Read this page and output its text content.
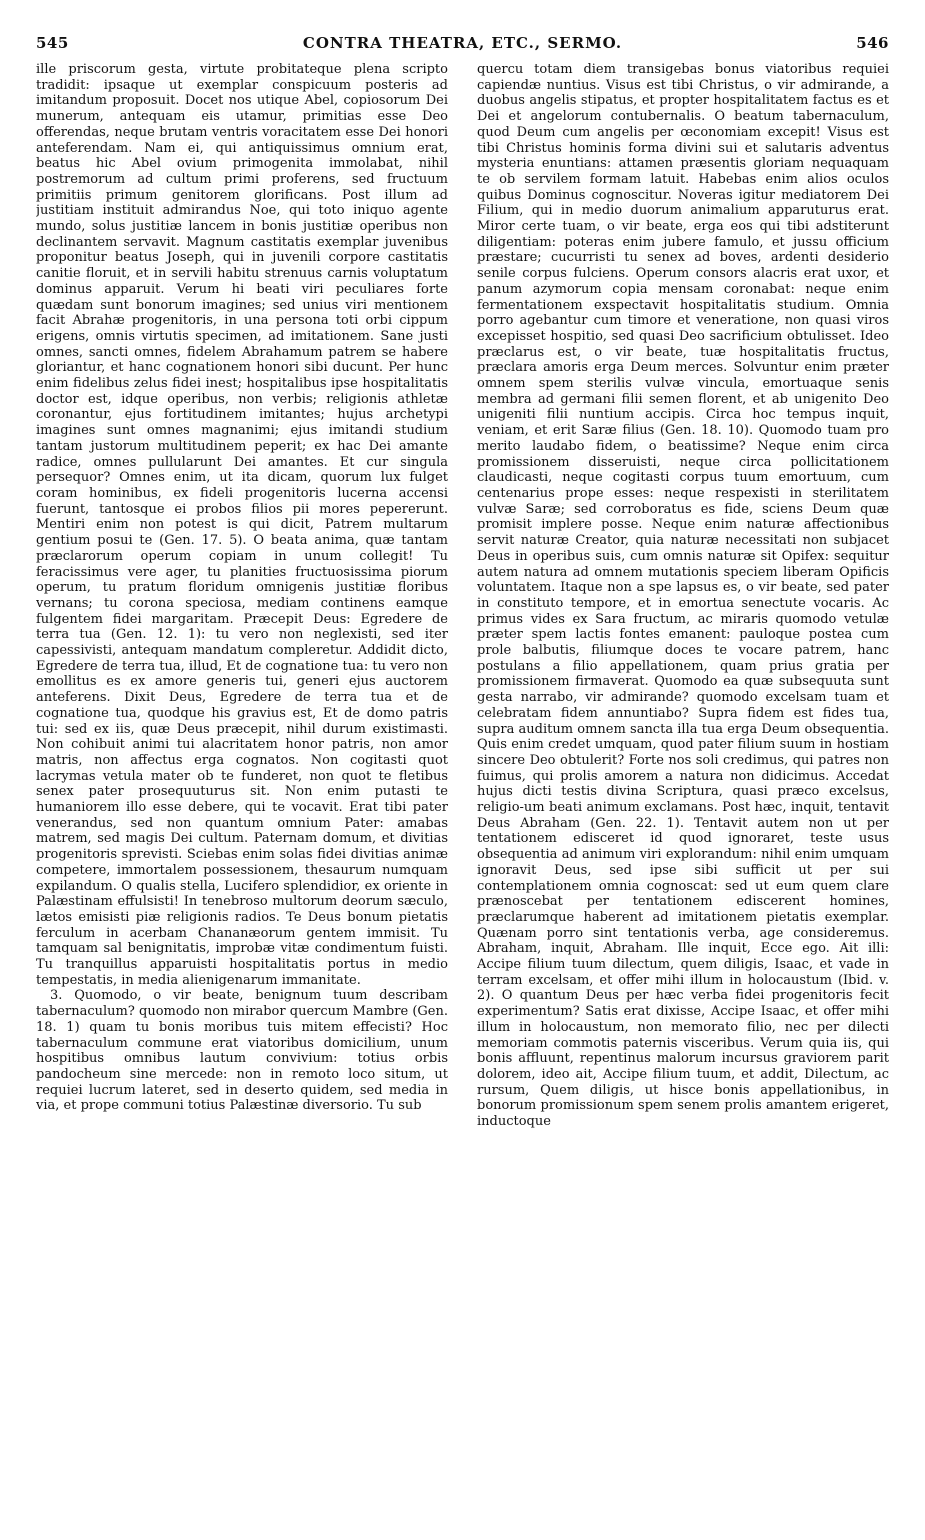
545	CONTRA THEATRA, ETC., SERMO.	546

ille priscorum gesta, virtute probitateque plena scripto tradidit: ipsaque ut exemplar conspicuum posteris ad imitandum proposuit. Docet nos utique Abel, copiosorum Dei munerum, antequam eis utamur, primitias esse Deo offerendas, neque brutam ventris voracitatem esse Dei honori anteferendam. Nam ei, qui antiquissimus omnium erat, beatus hic Abel ovium primogenita immolabat, nihil postremorum ad cultum primi proferens, sed fructuum primitiis primum genitorem glorificans. Post illum ad justitiam instituit admirandus Noe, qui toto iniquo agente mundo, solus justitiæ lancem in bonis justitiæ operibus non declinantem servavit. Magnum castitatis exemplar juvenibus proponitur beatus Joseph, qui in juvenili corpore castitatis canitie floruit, et in servili habitu strenuus carnis voluptatum dominus apparuit. Verum hi beati viri peculiares forte quædam sunt bonorum imagines; sed unius viri mentionem facit Abrahæ progenitoris, in una persona toti orbi cippum erigens, omnis virtutis specimen, ad imitationem. Sane justi omnes, sancti omnes, fidelem Abrahamum patrem se habere gloriantur, et hanc cognationem honori sibi ducunt. Per hunc enim fidelibus zelus fidei inest; hospitalibus ipse hospitalitatis doctor est, idque operibus, non verbis; religionis athletæ coronantur, ejus fortitudinem imitantes; hujus archetypi imagines sunt omnes magnanimi; ejus imitandi studium tantam justorum multitudinem peperit; ex hac Dei amante radice, omnes pullularunt Dei amantes. Et cur singula persequor? Omnes enim, ut ita dicam, quorum lux fulget coram hominibus, ex fideli progenitoris lucerna accensi fuerunt, tantosque ei probos filios pii mores pepererunt. Mentiri enim non potest is qui dicit, Patrem multarum gentium posui te (Gen. 17. 5). O beata anima, quæ tantam præclarorum operum copiam in unum collegit! Tu feracissimus vere ager, tu planities fructuosissima piorum operum, tu pratum floridum omnigenis justitiæ floribus vernans; tu corona speciosa, mediam continens eamque fulgentem fidei margaritam. Præcepit Deus: Egredere de terra tua (Gen. 12. 1): tu vero non neglexisti, sed iter capessivisti, antequam mandatum compleretur. Addidit dicto, Egredere de terra tua, illud, Et de cognatione tua: tu vero non emollitus es ex amore generis tui, generi ejus auctorem anteferens. Dixit Deus, Egredere de terra tua et de cognatione tua, quodque his gravius est, Et de domo patris tui: sed ex iis, quæ Deus præcepit, nihil durum existimasti. Non cohibuit animi tui alacritatem honor patris, non amor matris, non affectus erga cognatos. Non cogitasti quot lacrymas vetula mater ob te funderet, non quot te fletibus senex pater prosequuturus sit. Non enim putasti te humaniorem illo esse debere, qui te vocavit. Erat tibi pater venerandus, sed non quantum omnium Pater: amabas matrem, sed magis Dei cultum. Paternam domum, et divitias progenitoris sprevisti. Sciebas enim solas fidei divitias animæ competere, immortalem possessionem, thesaurum numquam expilandum. O qualis stella, Lucifero splendidior, ex oriente in Palæstinam effulsisti! In tenebroso multorum deorum sæculo, lætos emisisti piæ religionis radios. Te Deus bonum pietatis ferculum in acerbam Chananæorum gentem immisit. Tu tamquam sal benignitatis, improbæ vitæ condimentum fuisti. Tu tranquillus apparuisti hospitalitatis portus in medio tempestatis, in media alienigenarum immanitate.

3. Quomodo, o vir beate, benignum tuum describam tabernaculum? quomodo non mirabor quercum Mambre (Gen. 18. 1) quam tu bonis moribus tuis mitem effecisti? Hoc tabernaculum commune erat viatoribus domicilium, unum hospitibus omnibus lautum convivium: totius orbis pandocheum sine mercede: non in remoto loco situm, ut requiei lucrum lateret, sed in deserto quidem, sed media in via, et prope communi totius Palæstinæ diversorio. Tu sub

quercu totam diem transigebas bonus viatoribus requiei capiendæ nuntius. Visus est tibi Christus, o vir admirande, a duobus angelis stipatus, et propter hospitalitatem factus es et Dei et angelorum contubernalis. O beatum tabernaculum, quod Deum cum angelis per œconomiam excepit! Visus est tibi Christus hominis forma divini sui et salutaris adventus mysteria enuntians: attamen præsentis gloriam nequaquam te ob servilem formam latuit. Habebas enim alios oculos quibus Dominus cognoscitur. Noveras igitur mediatorem Dei Filium, qui in medio duorum animalium apparuturus erat. Miror certe tuam, o vir beate, erga eos qui tibi adstiterunt diligentiam: poteras enim jubere famulo, et jussu officium præstare; cucurristi tu senex ad boves, ardenti desiderio senile corpus fulciens. Operum consors alacris erat uxor, et panum azymorum copia mensam coronabat: neque enim fermentationem exspectavit hospitalitatis studium. Omnia porro agebantur cum timore et veneratione, non quasi viros excepisset hospitio, sed quasi Deo sacrificium obtulisset. Ideo præclarus est, o vir beate, tuæ hospitalitatis fructus, præclara amoris erga Deum merces. Solvuntur enim præter omnem spem sterilis vulvæ vincula, emortuaque senis membra ad germani filii semen florent, et ab unigenito Deo unigeniti filii nuntium accipis. Circa hoc tempus inquit, veniam, et erit Saræ filius (Gen. 18. 10). Quomodo tuam pro merito laudabo fidem, o beatissime? Neque enim circa promissionem disseruisti, neque circa pollicitationem claudicasti, neque cogitasti corpus tuum emortuum, cum centenarius prope esses: neque respexisti in sterilitatem vulvæ Saræ; sed corroboratus es fide, sciens Deum quæ promisit implere posse. Neque enim naturæ affectionibus servit naturæ Creator, quia naturæ necessitati non subjacet Deus in operibus suis, cum omnis naturæ sit Opifex: sequitur autem natura ad omnem mutationis speciem liberam Opificis voluntatem. Itaque non a spe lapsus es, o vir beate, sed pater in constituto tempore, et in emortua senectute vocaris. Ac primus vides ex Sara fructum, ac miraris quomodo vetulæ præter spem lactis fontes emanent: pauloque postea cum prole balbutis, filiumque doces te vocare patrem, hanc postulans a filio appellationem, quam prius gratia per promissionem firmaverat. Quomodo ea quæ subsequuta sunt gesta narrabo, vir admirande? quomodo excelsam tuam et celebratam fidem annuntiabo? Supra fidem est fides tua, supra auditum omnem sancta illa tua erga Deum obsequentia. Quis enim credet umquam, quod pater filium suum in hostiam sincere Deo obtulerit? Forte nos soli credimus, qui patres non fuimus, qui prolis amorem a natura non didicimus. Accedat hujus dicti testis divina Scriptura, quasi præco excelsus, religio-um beati animum exclamans. Post hæc, inquit, tentavit Deus Abraham (Gen. 22. 1). Tentavit autem non ut per tentationem edisceret id quod ignoraret, teste usus obsequentia ad animum viri explorandum: nihil enim umquam ignoravit Deus, sed ipse sibi sufficit ut per sui contemplationem omnia cognoscat: sed ut eum quem clare prænoscebat per tentationem ediscerent homines, præclarumque haberent ad imitationem pietatis exemplar. Quænam porro sint tentationis verba, age consideremus. Abraham, inquit, Abraham. Ille inquit, Ecce ego. Ait illi: Accipe filium tuum dilectum, quem diligis, Isaac, et vade in terram excelsam, et offer mihi illum in holocaustum (Ibid. v. 2). O quantum Deus per hæc verba fidei progenitoris fecit experimentum? Satis erat dixisse, Accipe Isaac, et offer mihi illum in holocaustum, non memorato filio, nec per dilecti memoriam commotis paternis visceribus. Verum quia iis, qui bonis affluunt, repentinus malorum incursus graviorem parit dolorem, ideo ait, Accipe filium tuum, et addit, Dilectum, ac rursum, Quem diligis, ut hisce bonis appellationibus, in bonorum promissionum spem senem prolis amantem erigeret, inductoque
